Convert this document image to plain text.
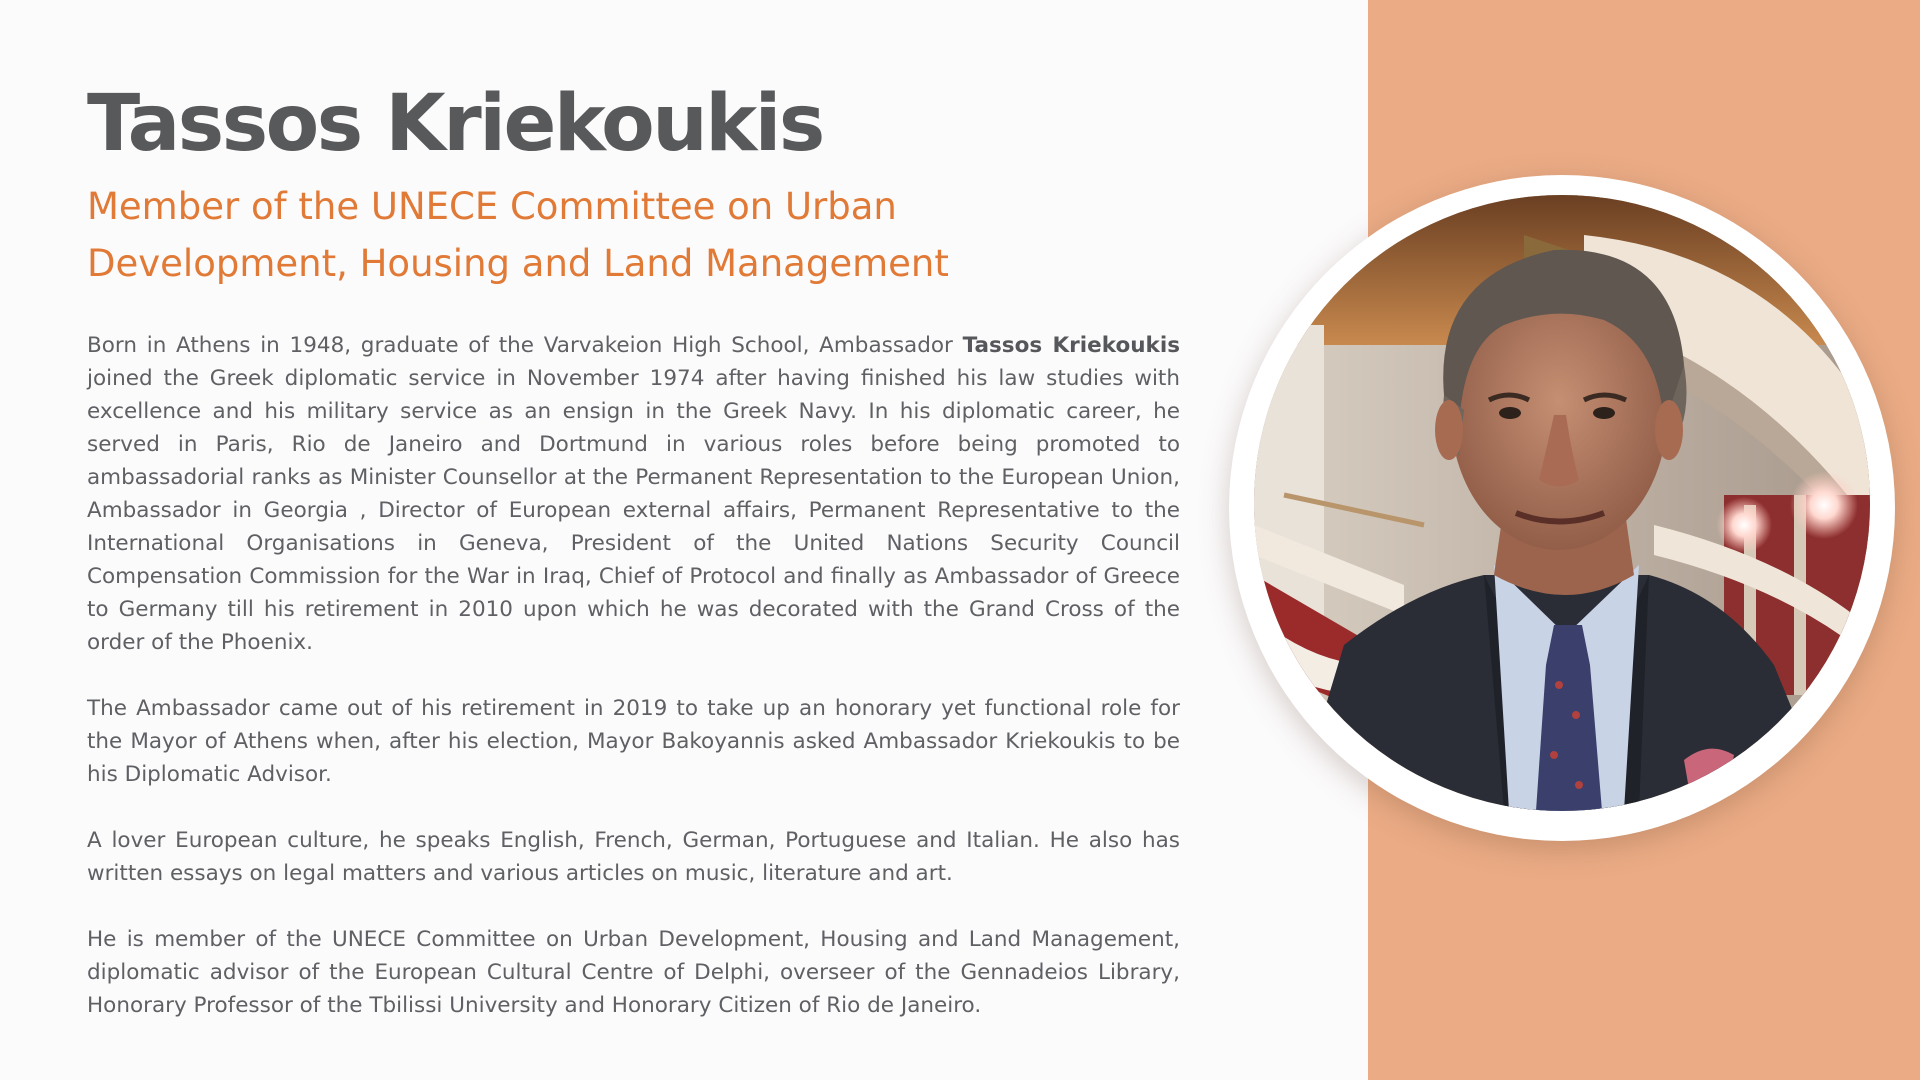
Tassos Kriekoukis
Member of the UNECE Committee on Urban
Development, Housing and Land Management

Born in Athens in 1948, graduate of the Varvakeion High School, Ambassador Tassos Kriekoukis joined the Greek diplomatic service in November 1974 after having finished his law studies with excellence and his military service as an ensign in the Greek Navy. In his diplomatic career, he served in Paris, Rio de Janeiro and Dortmund in various roles before being promoted to ambassadorial ranks as Minister Counsellor at the Permanent Representation to the European Union, Ambassador in Georgia , Director of European external affairs, Permanent Representative to the International Organisations in Geneva, President of the United Nations Security Council Compensation Commission for the War in Iraq, Chief of Protocol and finally as Ambassador of Greece to Germany till his retirement in 2010 upon which he was decorated with the Grand Cross of the order of the Phoenix.

The Ambassador came out of his retirement in 2019 to take up an honorary yet functional role for the Mayor of Athens when, after his election, Mayor Bakoyannis asked Ambassador Kriekoukis to be his Diplomatic Advisor.

A lover European culture, he speaks English, French, German, Portuguese and Italian. He also has written essays on legal matters and various articles on music, literature and art.

He is member of the UNECE Committee on Urban Development, Housing and Land Management, diplomatic advisor of the European Cultural Centre of Delphi, overseer of the Gennadeios Library, Honorary Professor of the Tbilissi University and Honorary Citizen of Rio de Janeiro.
